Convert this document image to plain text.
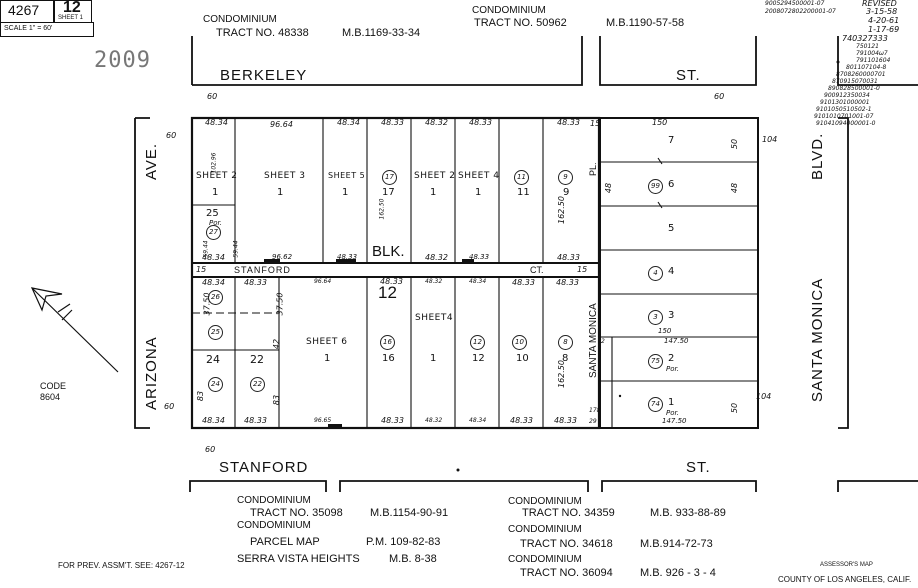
4267 12
SHEET 1
SCALE 1" = 60'
2009
CONDOMINIUM
TRACT NO. 48338	M.B.1169-33-34
CONDOMINIUM
TRACT NO. 50962	M.B.1190-57-58
9005294500001-07
2008072802200001-07
REVISED
3-15-58
4-20-61
1-17-69
740327333
750121
791004ω7
791101604
801107104-8
8708260000701
870915070031
890828500001-0
900912350034
9101301000001
9101050510502-1
9101010701001-07
91041094000001-0
BERKELEY	ST.
STANFORD	ST.
STANFORD	CT.
AVE.
ARIZONA	SANTA MONICA
BLVD.
SANTA MONICA
PL.
BLK.
12
CODE
8604
SHEET 2	SHEET 3	SHEET 5	SHEET 2 SHEET 4
SHEET 6
SHEET4
1	1	17	1	1	11	9
1
25
Por.
1	16	1	12	10	8
24	22
7
6
5
4
3
2
Por.
1
Por.
27
17	11	9
26
25
24	22
16	12	10	8
99
4
3
75
74
48.34	96.64	48.34	48.33	48.32	48.33	48.33	150
48.34	96.62	48.33	48.32	48.33	48.33
48.34 48.33	96.64	48.33	48.32	48.34	48.33	48.33
48.34 48.33	96.65	48.33	48.32	48.34	48.33	48.33	147.50
150
147.50
60	60
60
60
60
104
104
50
50
48	48
15
15	15
2
178
29
102.96
59.44	59.44
162.50	162.50
162.50
37.50	37.50
83	83
42
CONDOMINIUM
TRACT NO. 35098 M.B.1154-90-91
CONDOMINIUM
PARCEL MAP	P.M. 109-82-83
SERRA VISTA HEIGHTS	M.B. 8-38
CONDOMINIUM
TRACT NO. 34359	M.B. 933-88-89
CONDOMINIUM
TRACT NO. 34618 M.B.914-72-73
CONDOMINIUM
TRACT NO. 36094 M.B. 926 - 3 - 4
FOR PREV. ASSM'T. SEE: 4267-12	ASSESSOR'S MAP
COUNTY OF LOS ANGELES, CALIF.
